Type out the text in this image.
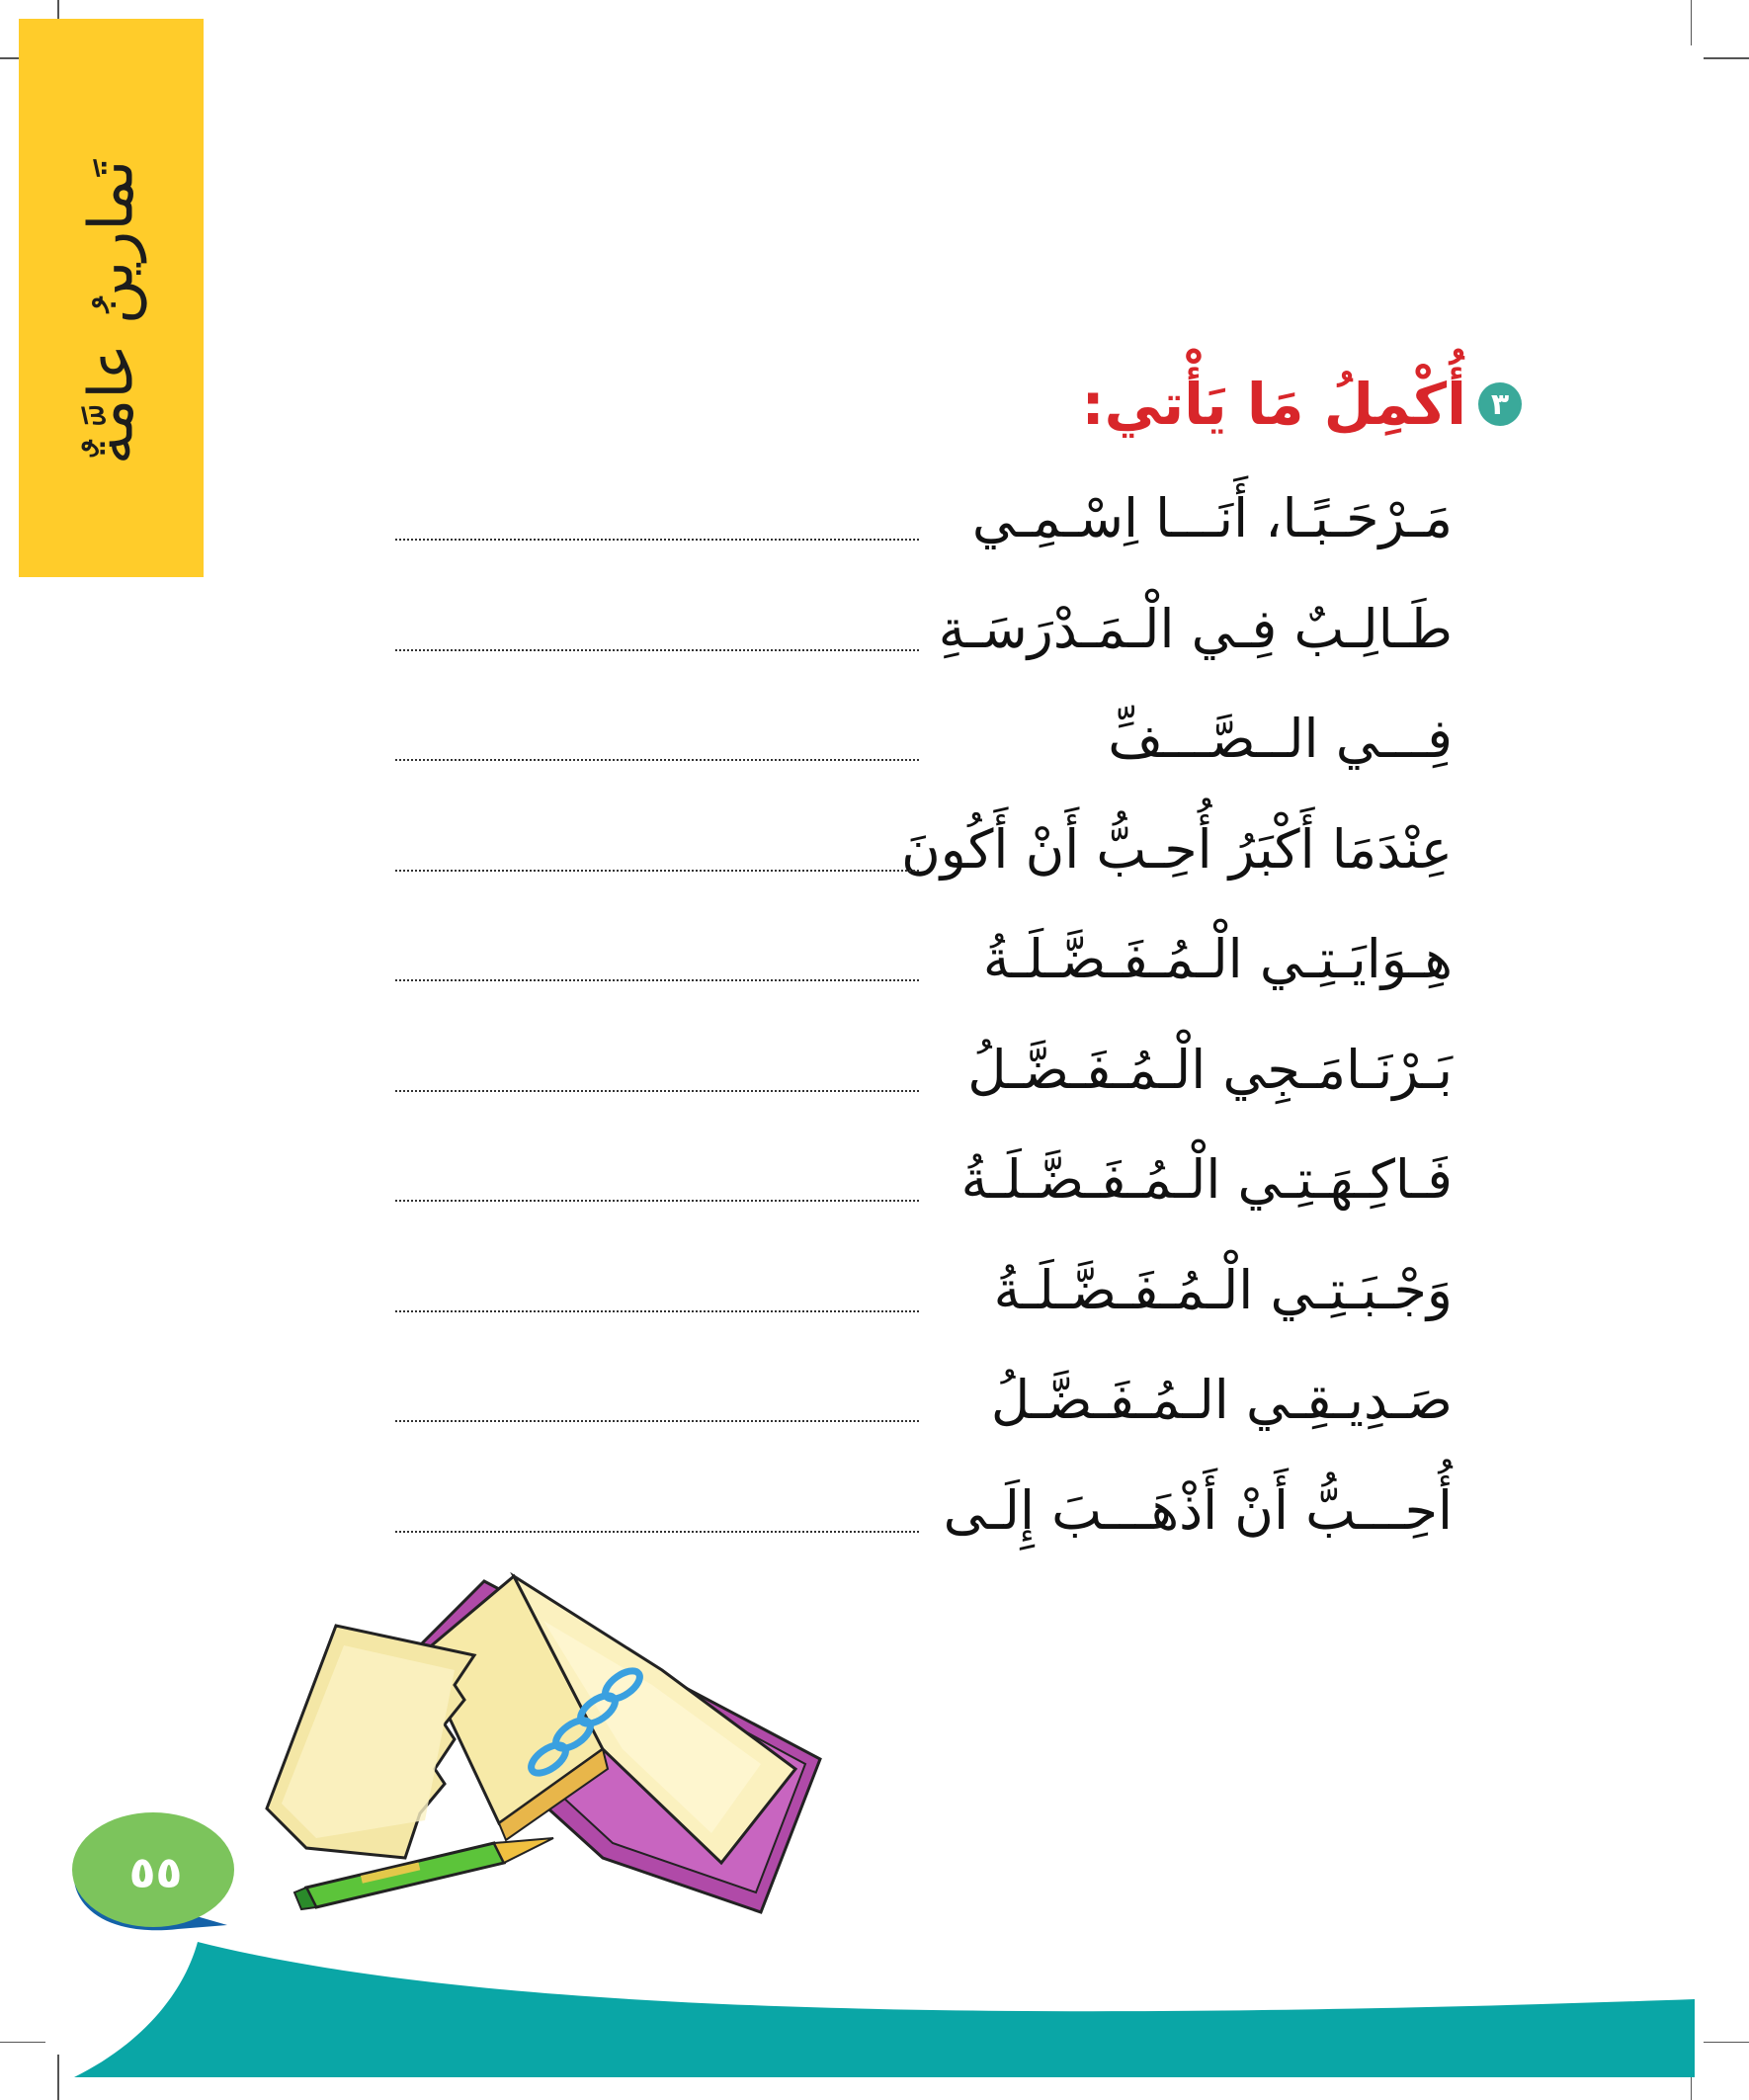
تَمارينُ عامَّةٌ	٣
أُكْمِلُ مَا يَأْتي:
مَـرْحَـبًـا، أَنَـــا اِسْـمِـي
طَـالِـبٌ فِـي الْـمَـدْرَسَـةِ
فِـــي الــصَّـــفِّ
عِنْدَمَا أَكْبَرُ أُحِـبُّ أَنْ أَكُونَ
هِـوَايَـتِـي الْـمُـفَـضَّـلَـةُ
بَـرْنَـامَـجِي الْـمُـفَـضَّـلُ
فَـاكِـهَـتِـي الْـمُـفَـضَّـلَـةُ
وَجْـبَـتِـي الْـمُـفَـضَّـلَـةُ
صَـدِيـقِـي الـمُـفَـضَّـلُ
أُحِـــبُّ أَنْ أَذْهَـــبَ إِلَـى
٥٥
